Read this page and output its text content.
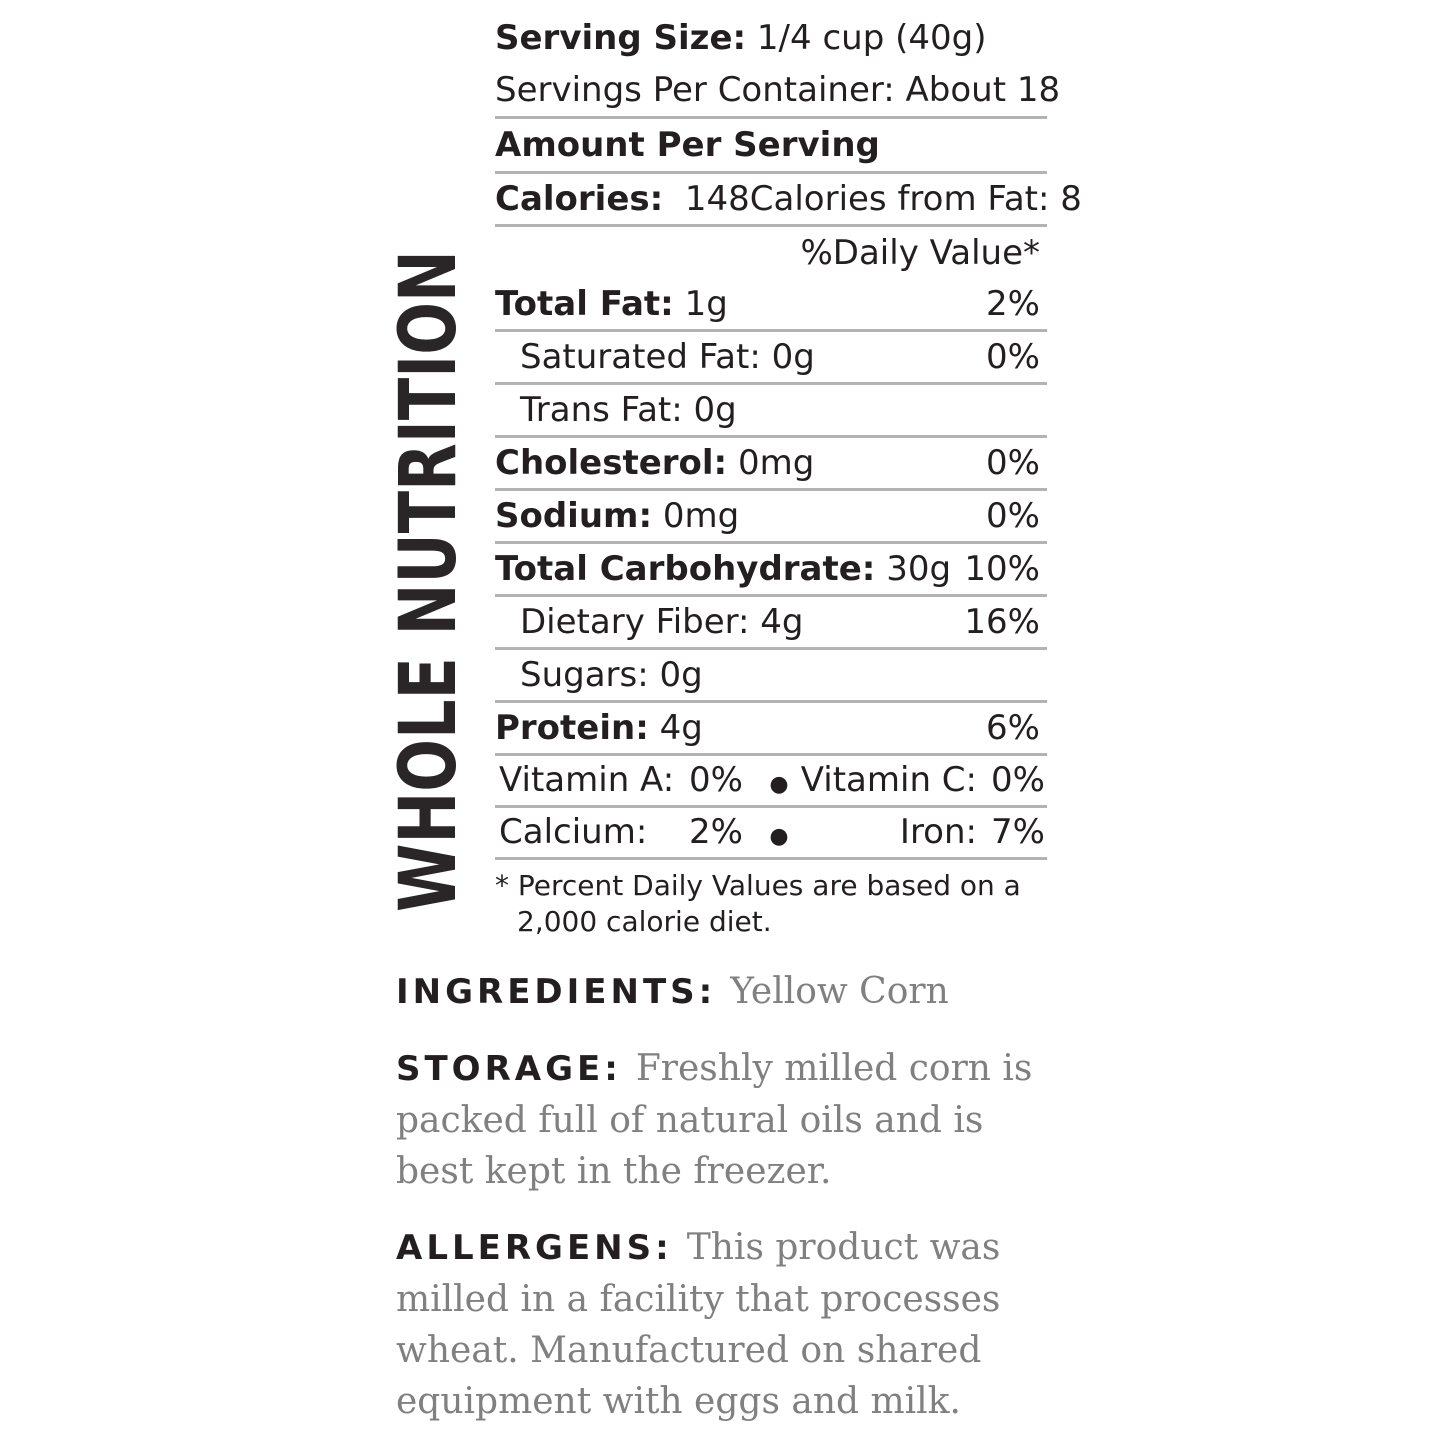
WHOLE NUTRITION
Serving Size: 1/4 cup (40g)
Servings Per Container: About 18
Amount Per Serving
Calories: 148 Calories from Fat: 8
%Daily Value*
Total Fat: 1g	2%
Saturated Fat: 0g	0%
Trans Fat: 0g
Cholesterol: 0mg	0%
Sodium: 0mg	0%
Total Carbohydrate: 30g 10%
Dietary Fiber: 4g	16%
Sugars: 0g
Protein: 4g	6%
Vitamin A: 0%	● Vitamin C: 0%
Calcium:	2%	●	Iron: 7%
* Percent Daily Values are based on a
2,000 calorie diet.
INGREDIENTS: Yellow Corn
STORAGE: Freshly milled corn is packed full of natural oils and is best kept in the freezer.
ALLERGENS: This product was milled in a facility that processes wheat. Manufactured on shared equipment with eggs and milk.
